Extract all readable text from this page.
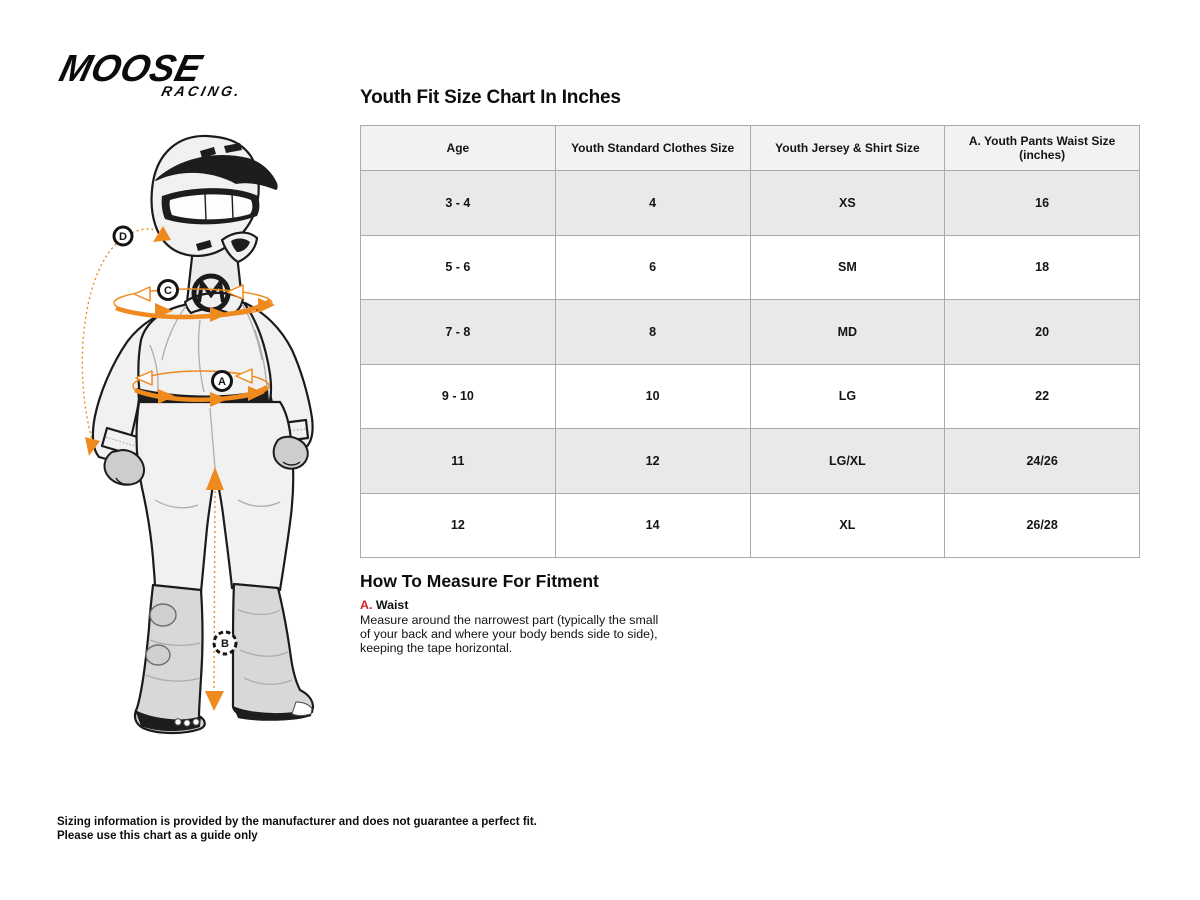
MOOSE
RACING.
D
C
A
B
Youth Fit Size Chart In Inches
Age	Youth Standard Clothes Size	Youth Jersey & Shirt Size	A. Youth Pants Waist Size (inches)
3 - 4	4	XS	16
5 - 6	6	SM	18
7 - 8	8	MD	20
9 - 10	10	LG	22
11	12	LG/XL	24/26
12	14	XL	26/28
How To Measure For Fitment
A. Waist

Measure around the narrowest part (typically the small of your back and where your body bends side to side), keeping the tape horizontal.

Sizing information is provided by the manufacturer and does not guarantee a perfect fit.
Please use this chart as a guide only
